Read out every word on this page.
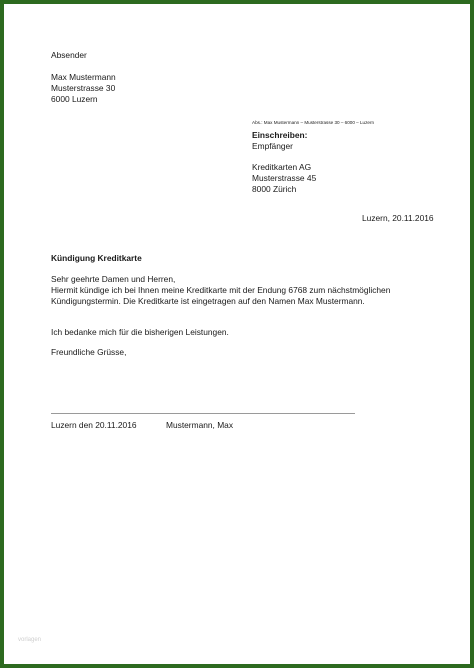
Absender
Max Mustermann
Musterstrasse 30
6000 Luzern
Abs.: Max Mustermann – Musterstrasse 30 – 6000 – Luzern
Einschreiben:
Empfänger
Kreditkarten AG
Musterstrasse 45
8000 Zürich
Luzern, 20.11.2016
Kündigung Kreditkarte
Sehr geehrte Damen und Herren,
Hiermit kündige ich bei Ihnen meine Kreditkarte mit der Endung 6768 zum nächstmöglichen
Kündigungstermin. Die Kreditkarte ist eingetragen auf den Namen Max Mustermann.
Ich bedanke mich für die bisherigen Leistungen.
Freundliche Grüsse,
Luzern den 20.11.2016	Mustermann, Max
vorlagen
